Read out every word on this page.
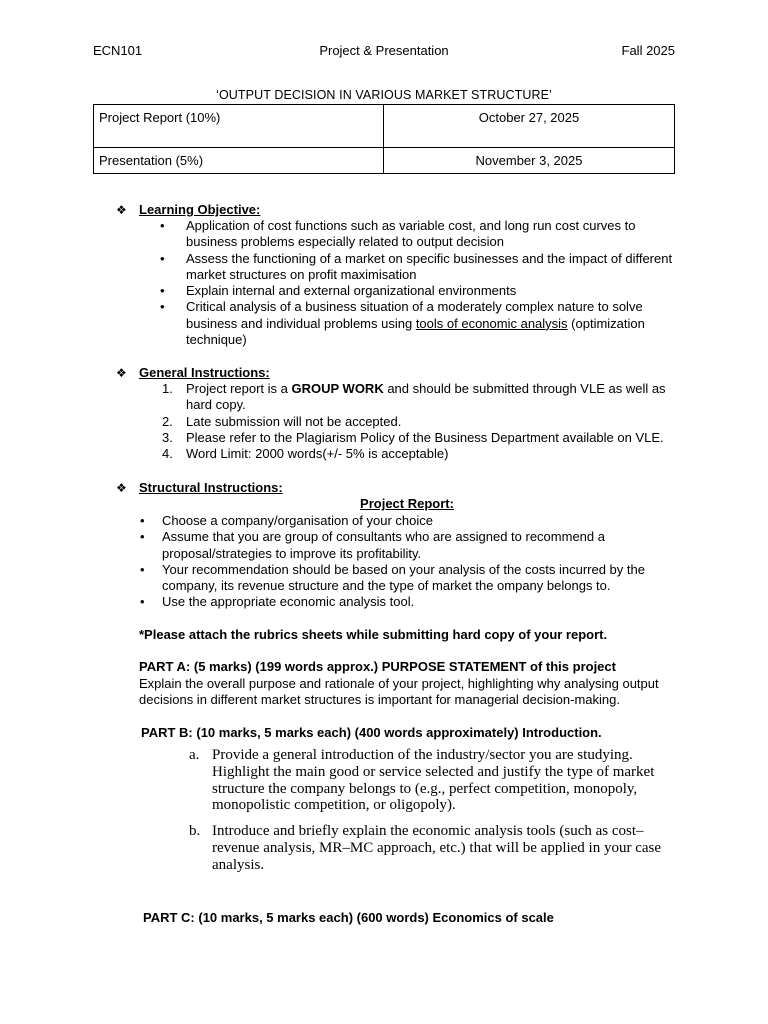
ECN101	Project & Presentation	Fall 2025
‘OUTPUT DECISION IN VARIOUS MARKET STRUCTURE’
Project Report (10%)	October 27, 2025
Presentation (5%)	November 3, 2025
❖ Learning Objective:
• Application of cost functions such as variable cost, and long run cost curves to business problems especially related to output decision
• Assess the functioning of a market on specific businesses and the impact of different market structures on profit maximisation
• Explain internal and external organizational environments
• Critical analysis of a business situation of a moderately complex nature to solve
business and individual problems using tools of economic analysis (optimization technique)
❖ General Instructions:
1. Project report is a GROUP WORK and should be submitted through VLE as well as hard copy.
2. Late submission will not be accepted.
3. Please refer to the Plagiarism Policy of the Business Department available on VLE.
4. Word Limit: 2000 words(+/- 5% is acceptable)
❖ Structural Instructions:
Project Report:
• Choose a company/organisation of your choice
• Assume that you are group of consultants who are assigned to recommend a proposal/strategies to improve its profitability.
• Your recommendation should be based on your analysis of the costs incurred by the company, its revenue structure and the type of market the ompany belongs to.
• Use the appropriate economic analysis tool.
*Please attach the rubrics sheets while submitting hard copy of your report.
PART A: (5 marks) (199 words approx.) PURPOSE STATEMENT of this project
Explain the overall purpose and rationale of your project, highlighting why analysing output decisions in different market structures is important for managerial decision-making.
PART B: (10 marks, 5 marks each) (400 words approximately) Introduction.
a. Provide a general introduction of the industry/sector you are studying. Highlight the main good or service selected and justify the type of market structure the company belongs to (e.g., perfect competition, monopoly, monopolistic competition, or oligopoly).
b. Introduce and briefly explain the economic analysis tools (such as cost–revenue analysis, MR–MC approach, etc.) that will be applied in your case analysis.
PART C: (10 marks, 5 marks each) (600 words) Economics of scale
